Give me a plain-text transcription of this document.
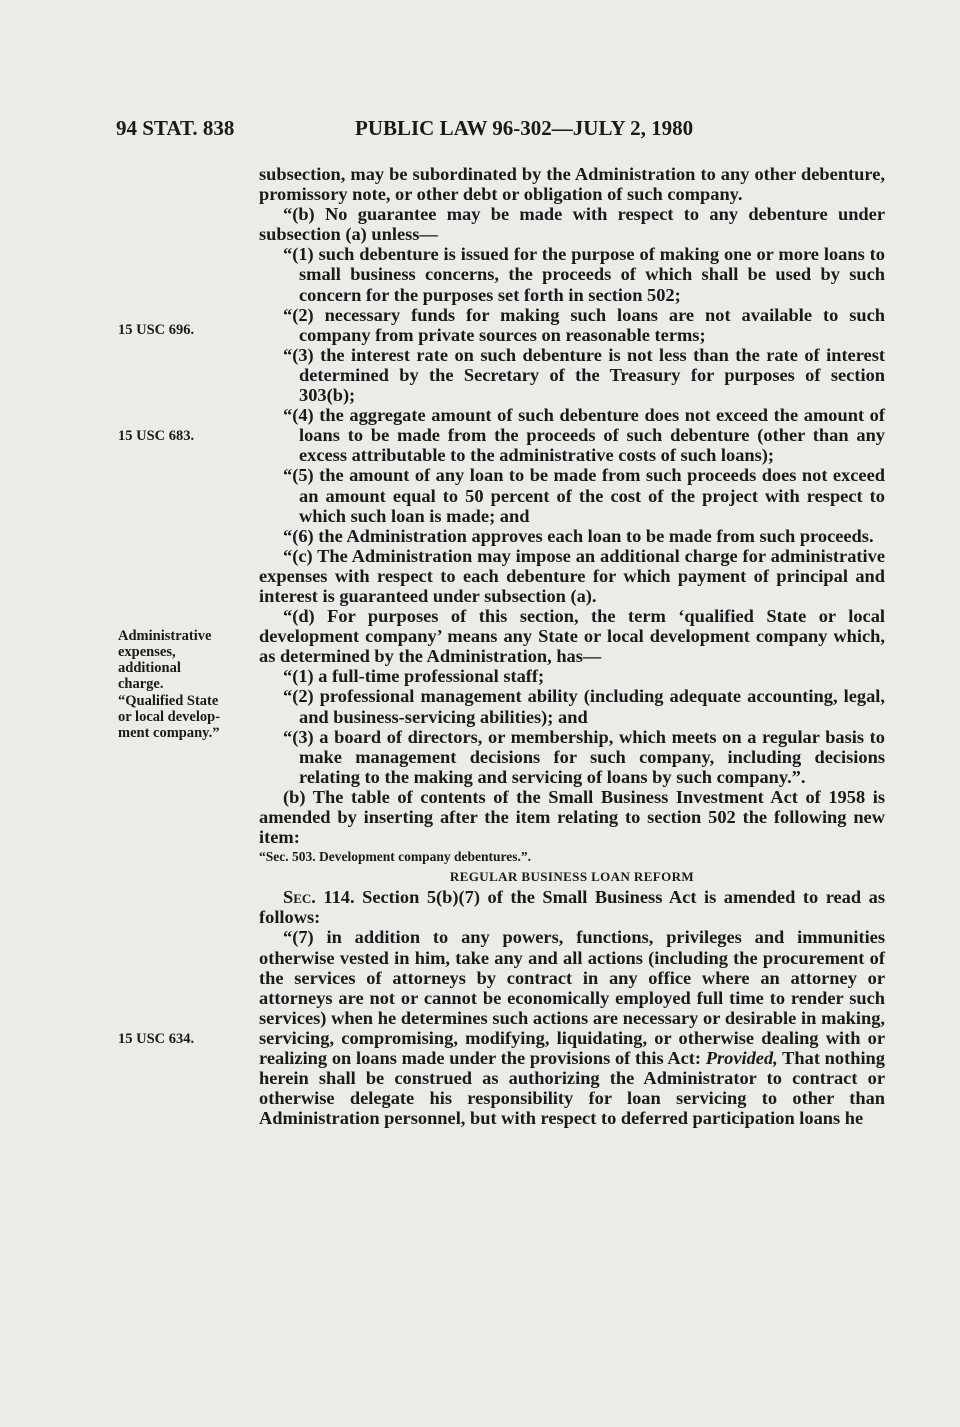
94 STAT. 838	PUBLIC LAW 96-302—JULY 2, 1980
15 USC 696.
15 USC 683.
Administrative
expenses,
additional
charge.
“Qualified State
or local develop-
ment company.”
15 USC 634.

subsection, may be subordinated by the Administration to any other debenture, promissory note, or other debt or obligation of such company.

“(b) No guarantee may be made with respect to any debenture under subsection (a) unless—

“(1) such debenture is issued for the purpose of making one or more loans to small business concerns, the proceeds of which shall be used by such concern for the purposes set forth in section 502;

“(2) necessary funds for making such loans are not available to such company from private sources on reasonable terms;

“(3) the interest rate on such debenture is not less than the rate of interest determined by the Secretary of the Treasury for purposes of section 303(b);

“(4) the aggregate amount of such debenture does not exceed the amount of loans to be made from the proceeds of such debenture (other than any excess attributable to the administrative costs of such loans);

“(5) the amount of any loan to be made from such proceeds does not exceed an amount equal to 50 percent of the cost of the project with respect to which such loan is made; and

“(6) the Administration approves each loan to be made from such proceeds.

“(c) The Administration may impose an additional charge for administrative expenses with respect to each debenture for which payment of principal and interest is guaranteed under subsection (a).

“(d) For purposes of this section, the term ‘qualified State or local development company’ means any State or local development company which, as determined by the Administration, has—

“(1) a full-time professional staff;

“(2) professional management ability (including adequate accounting, legal, and business-servicing abilities); and

“(3) a board of directors, or membership, which meets on a regular basis to make management decisions for such company, including decisions relating to the making and servicing of loans by such company.”.

(b) The table of contents of the Small Business Investment Act of 1958 is amended by inserting after the item relating to section 502 the following new item:

“Sec. 503. Development company debentures.”.

REGULAR BUSINESS LOAN REFORM

Sec. 114. Section 5(b)(7) of the Small Business Act is amended to read as follows:

“(7) in addition to any powers, functions, privileges and immunities otherwise vested in him, take any and all actions (including the procurement of the services of attorneys by contract in any office where an attorney or attorneys are not or cannot be economically employed full time to render such services) when he determines such actions are necessary or desirable in making, servicing, compromising, modifying, liquidating, or otherwise dealing with or realizing on loans made under the provisions of this Act: Provided, That nothing herein shall be construed as authorizing the Administrator to contract or otherwise delegate his responsibility for loan servicing to other than Administration personnel, but with respect to deferred participation loans he
